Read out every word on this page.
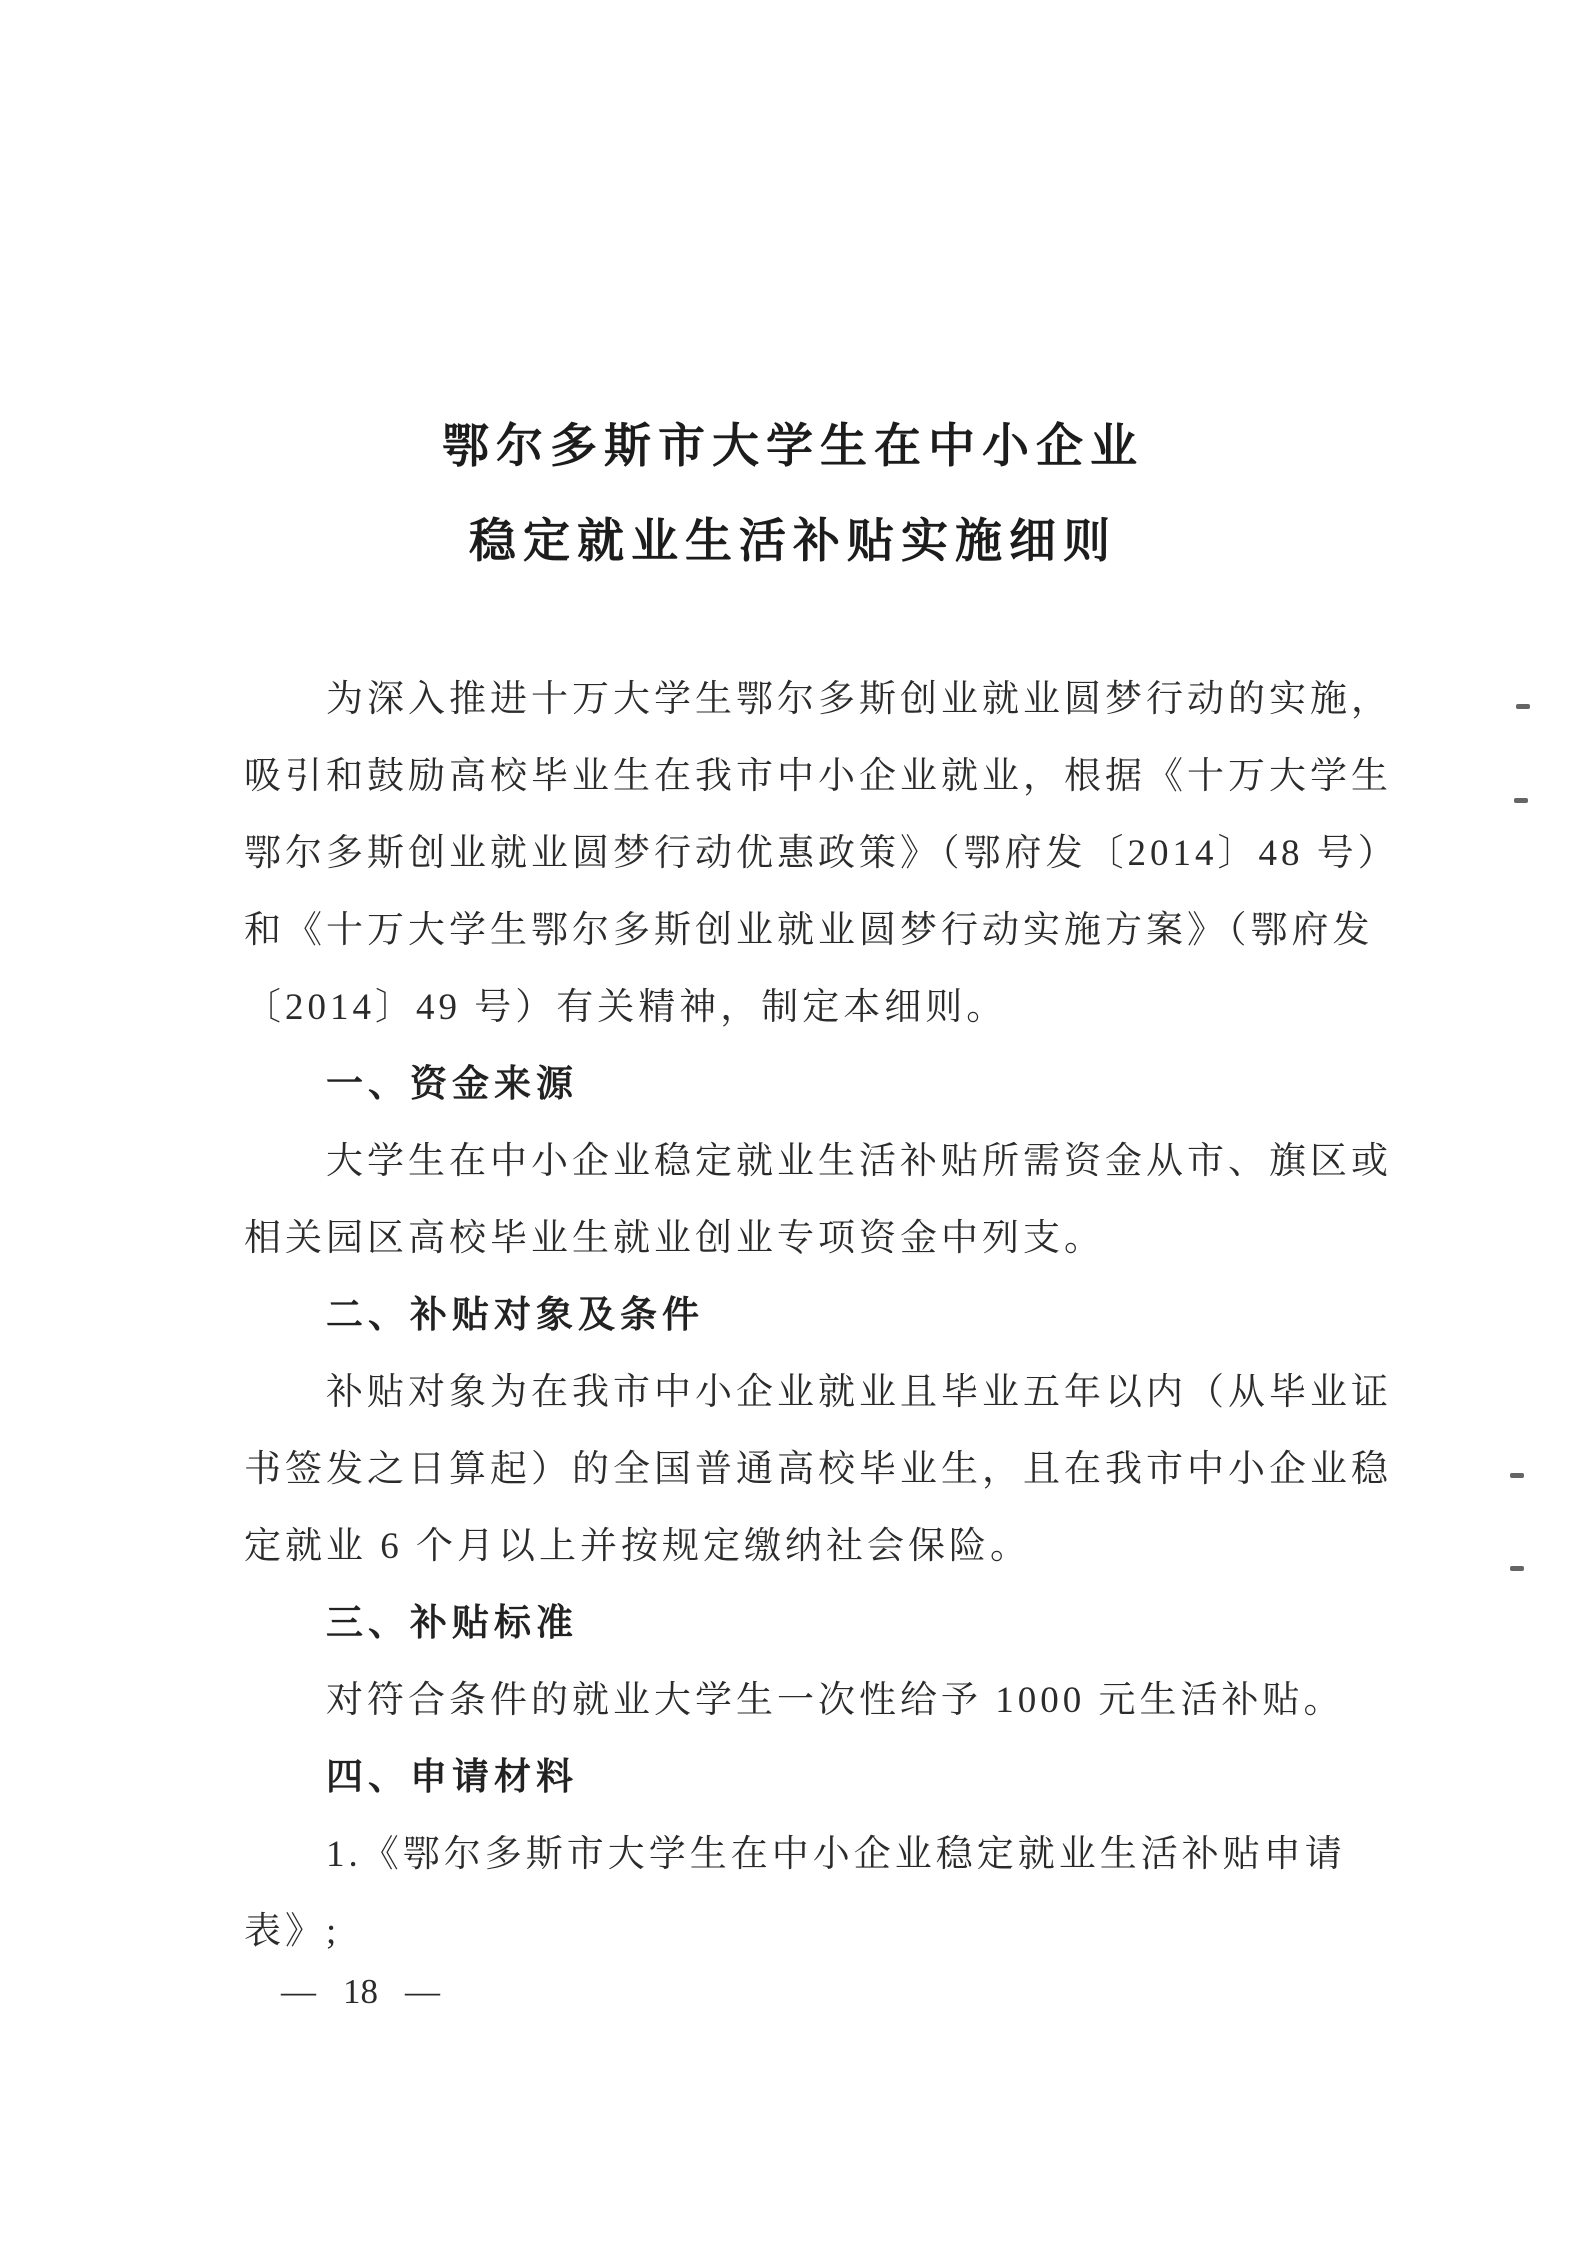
鄂尔多斯市大学生在中小企业
稳定就业生活补贴实施细则
为深入推进十万大学生鄂尔多斯创业就业圆梦行动的实施，
吸引和鼓励高校毕业生在我市中小企业就业，根据《十万大学生
鄂尔多斯创业就业圆梦行动优惠政策》（鄂府发〔2014〕48 号）
和《十万大学生鄂尔多斯创业就业圆梦行动实施方案》（鄂府发
〔2014〕49 号）有关精神，制定本细则。
一、资金来源
大学生在中小企业稳定就业生活补贴所需资金从市、旗区或
相关园区高校毕业生就业创业专项资金中列支。
二、补贴对象及条件
补贴对象为在我市中小企业就业且毕业五年以内（从毕业证
书签发之日算起）的全国普通高校毕业生，且在我市中小企业稳
定就业 6 个月以上并按规定缴纳社会保险。
三、补贴标准
对符合条件的就业大学生一次性给予 1000 元生活补贴。
四、申请材料
1.《鄂尔多斯市大学生在中小企业稳定就业生活补贴申请
表》;
— 18 —
